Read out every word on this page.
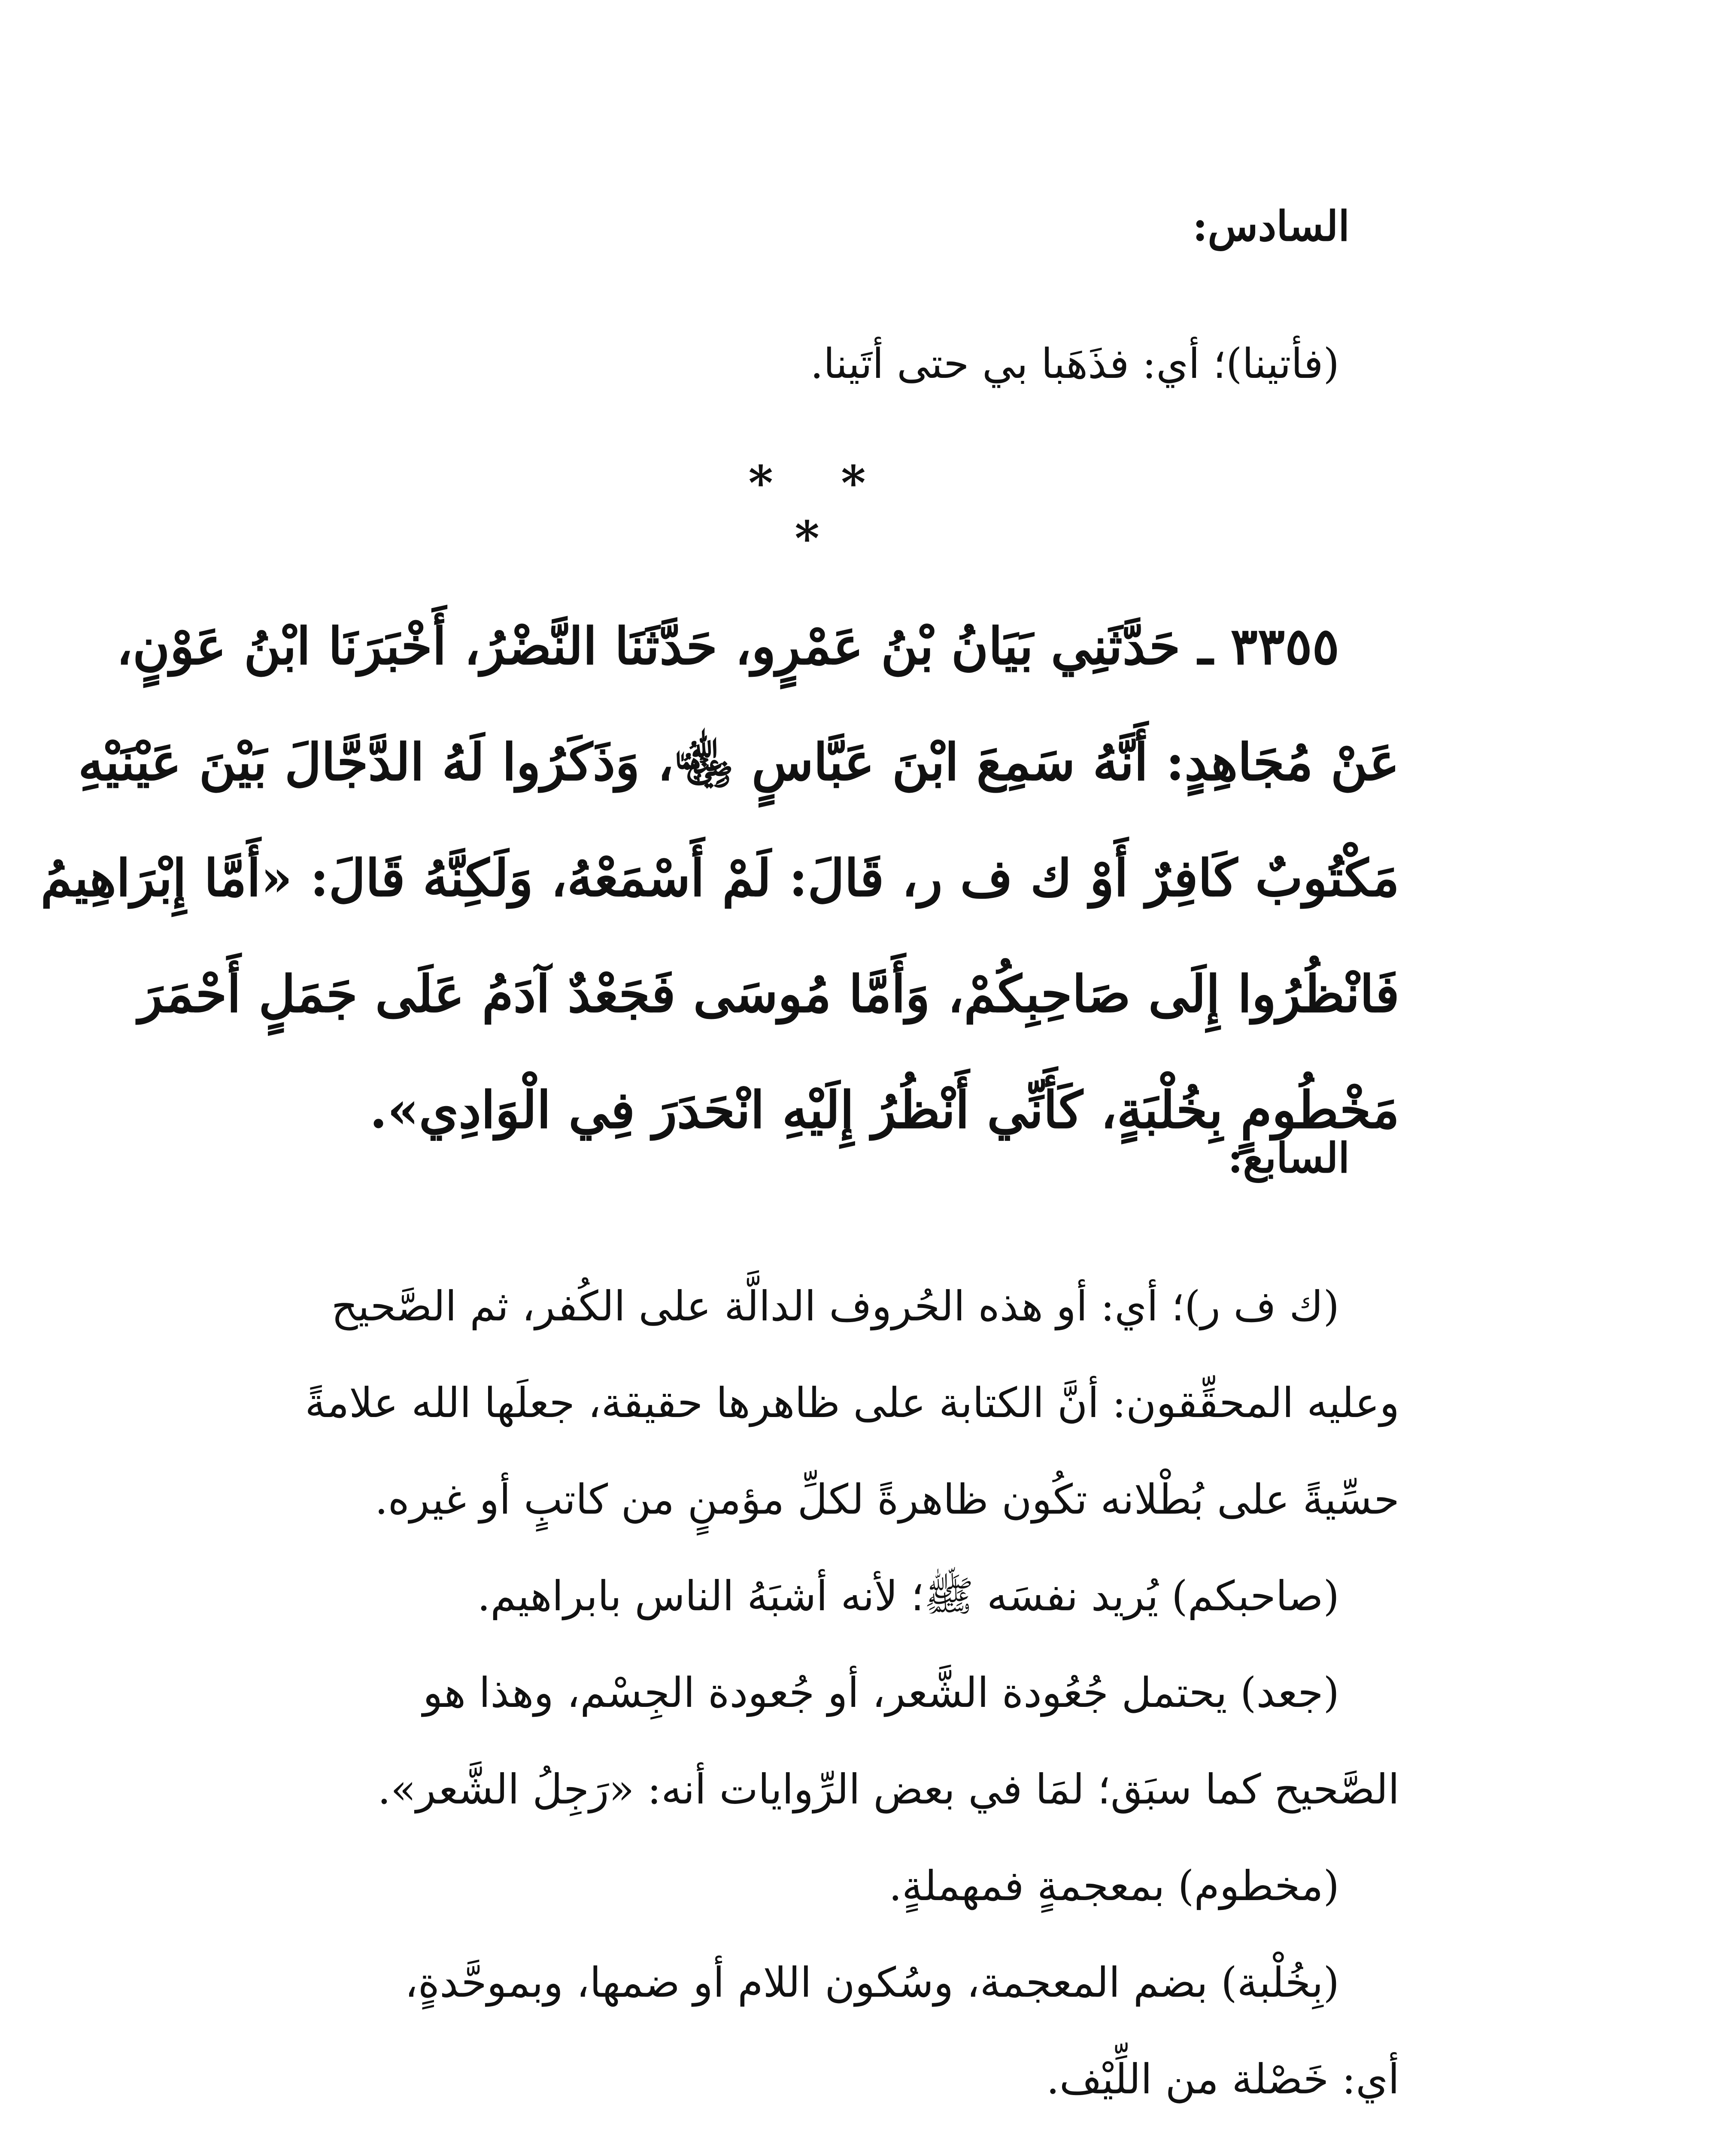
السادس:
(فأتينا)؛ أي: فذَهَبا بي حتى أتَينا.
* * *
٣٣٥٥ ـ حَدَّثَنِي بَيَانُ بْنُ عَمْرٍو، حَدَّثَنَا النَّضْرُ، أَخْبَرَنَا ابْنُ عَوْنٍ،
عَنْ مُجَاهِدٍ: أَنَّهُ سَمِعَ ابْنَ عَبَّاسٍ ﵄، وَذَكَرُوا لَهُ الدَّجَّالَ بَيْنَ عَيْنَيْهِ
مَكْتُوبٌ كَافِرٌ أَوْ ك ف ر، قَالَ: لَمْ أَسْمَعْهُ، وَلَكِنَّهُ قَالَ: «أَمَّا إِبْرَاهِيمُ
فَانْظُرُوا إِلَى صَاحِبِكُمْ، وَأَمَّا مُوسَى فَجَعْدٌ آدَمُ عَلَى جَمَلٍ أَحْمَرَ
مَخْطُومٍ بِخُلْبَةٍ، كَأَنِّي أَنْظُرُ إِلَيْهِ انْحَدَرَ فِي الْوَادِي».
السابع:
(ك ف ر)؛ أي: أو هذه الحُروف الدالَّة على الكُفر، ثم الصَّحيح
وعليه المحقِّقون: أنَّ الكتابة على ظاهرها حقيقة، جعلَها الله علامةً
حسِّيةً على بُطْلانه تكُون ظاهرةً لكلِّ مؤمنٍ من كاتبٍ أو غيره.
(صاحبكم) يُريد نفسَه ﷺ؛ لأنه أشبَهُ الناس بابراهيم.
(جعد) يحتمل جُعُودة الشَّعر، أو جُعودة الجِسْم، وهذا هو
الصَّحيح كما سبَق؛ لمَا في بعض الرِّوايات أنه: «رَجِلُ الشَّعر».
(مخطوم) بمعجمةٍ فمهملةٍ.
(بِخُلْبة) بضم المعجمة، وسُكون اللام أو ضمها، وبموحَّدةٍ،
أي: خَصْلة من اللِّيْف.
